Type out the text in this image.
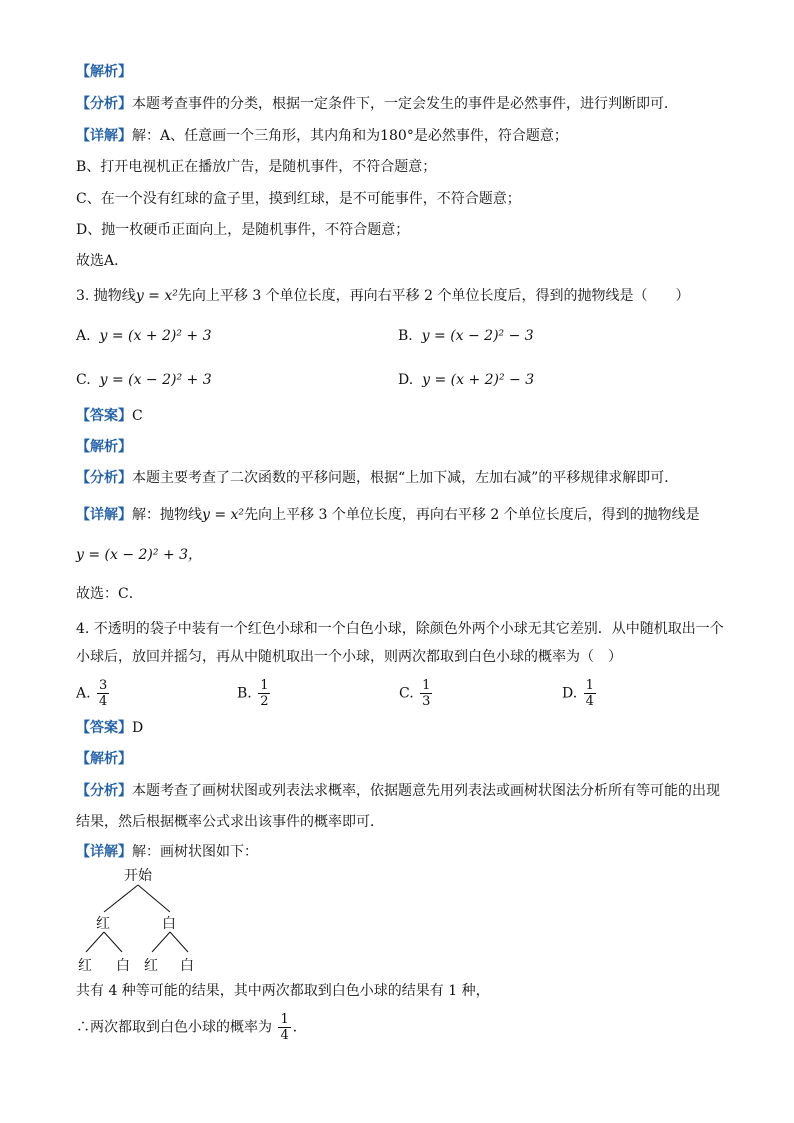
【解析】
【分析】本题考查事件的分类，根据一定条件下，一定会发生的事件是必然事件，进行判断即可．
【详解】解：A、任意画一个三角形，其内角和为180°是必然事件，符合题意；
B、打开电视机正在播放广告，是随机事件，不符合题意；
C、在一个没有红球的盒子里，摸到红球，是不可能事件，不符合题意；
D、抛一枚硬币正面向上，是随机事件，不符合题意；
故选A．
3. 抛物线y = x²先向上平移 3 个单位长度，再向右平移 2 个单位长度后，得到的抛物线是（　　）
A. y = (x + 2)² + 3	B. y = (x − 2)² − 3
C. y = (x − 2)² + 3	D. y = (x + 2)² − 3
【答案】C
【解析】
【分析】本题主要考查了二次函数的平移问题，根据“上加下减，左加右减”的平移规律求解即可．
【详解】解：抛物线y = x²先向上平移 3 个单位长度，再向右平移 2 个单位长度后，得到的抛物线是
y = (x − 2)² + 3，
故选：C．
4. 不透明的袋子中装有一个红色小球和一个白色小球，除颜色外两个小球无其它差别．从中随机取出一个
小球后，放回并摇匀，再从中随机取出一个小球，则两次都取到白色小球的概率为（　）
A. $\frac{3}{4}$	B. $\frac{1}{2}$	C. $\frac{1}{3}$	D. $\frac{1}{4}$
【答案】D
【解析】
【分析】本题考查了画树状图或列表法求概率，依据题意先用列表法或画树状图法分析所有等可能的出现
结果，然后根据概率公式求出该事件的概率即可．
【详解】解：画树状图如下：
开始
红	白
红 白 红 白
共有 4 种等可能的结果，其中两次都取到白色小球的结果有 1 种，
∴两次都取到白色小球的概率为 $\frac{1}{4}$ ．
